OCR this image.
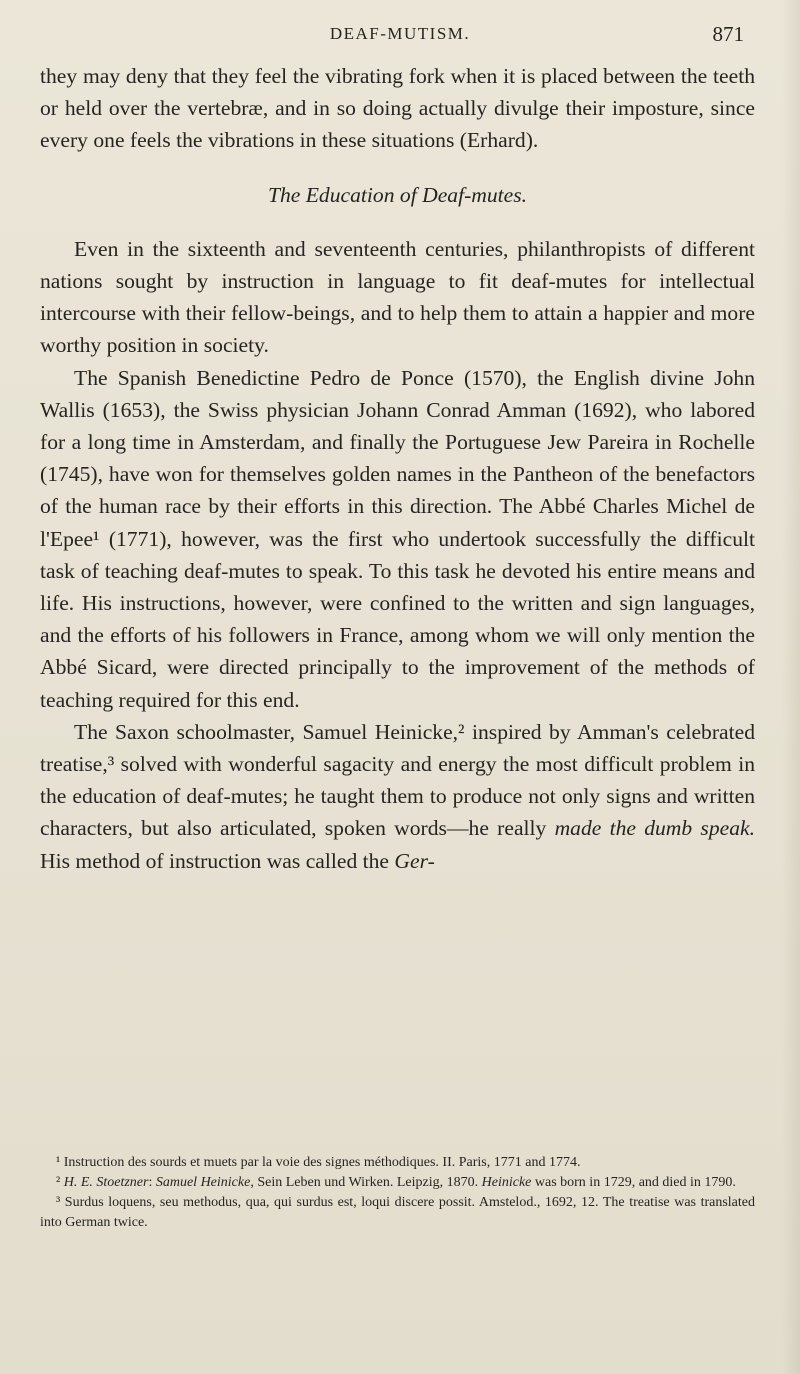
DEAF-MUTISM.	871

they may deny that they feel the vibrating fork when it is placed between the teeth or held over the vertebræ, and in so doing actually divulge their imposture, since every one feels the vibrations in these situations (Erhard).

The Education of Deaf-mutes.

Even in the sixteenth and seventeenth centuries, philanthropists of different nations sought by instruction in language to fit deaf-mutes for intellectual intercourse with their fellow-beings, and to help them to attain a happier and more worthy position in society.

The Spanish Benedictine Pedro de Ponce (1570), the English divine John Wallis (1653), the Swiss physician Johann Conrad Amman (1692), who labored for a long time in Amsterdam, and finally the Portuguese Jew Pareira in Rochelle (1745), have won for themselves golden names in the Pantheon of the benefactors of the human race by their efforts in this direction. The Abbé Charles Michel de l'Epee¹ (1771), however, was the first who undertook successfully the difficult task of teaching deaf-mutes to speak. To this task he devoted his entire means and life. His instructions, however, were confined to the written and sign languages, and the efforts of his followers in France, among whom we will only mention the Abbé Sicard, were directed principally to the improvement of the methods of teaching required for this end.

The Saxon schoolmaster, Samuel Heinicke,² inspired by Amman's celebrated treatise,³ solved with wonderful sagacity and energy the most difficult problem in the education of deaf-mutes; he taught them to produce not only signs and written characters, but also articulated, spoken words—he really made the dumb speak. His method of instruction was called the Ger-

¹ Instruction des sourds et muets par la voie des signes méthodiques. II. Paris, 1771 and 1774.

² H. E. Stoetzner: Samuel Heinicke, Sein Leben und Wirken. Leipzig, 1870. Heinicke was born in 1729, and died in 1790.

³ Surdus loquens, seu methodus, qua, qui surdus est, loqui discere possit. Amstelod., 1692, 12. The treatise was translated into German twice.
